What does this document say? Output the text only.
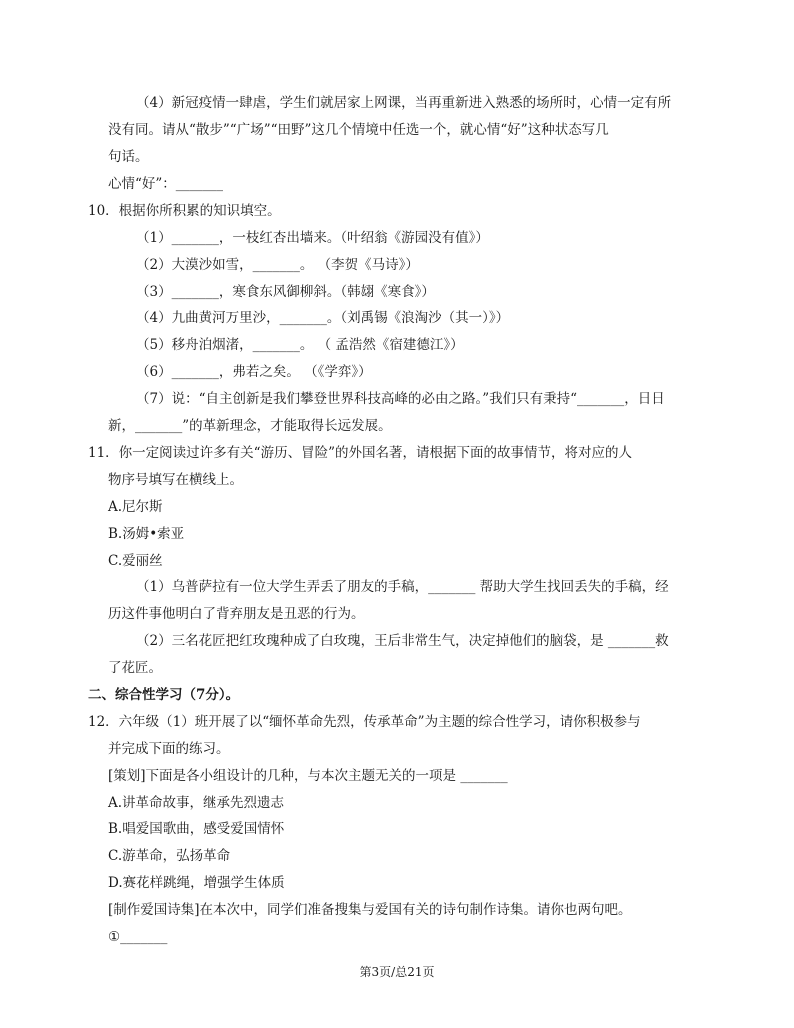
（4）新冠疫情一肆虐，学生们就居家上网课，当再重新进入熟悉的场所时，心情一定有所
没有同。请从“散步”“广场”“田野”这几个情境中任选一个，就心情“好”这种状态写几
句话。
心情“好”：_______
10．根据你所积累的知识填空。
（1）_______，一枝红杏出墙来。（叶绍翁《游园没有值》）
（2）大漠沙如雪，_______。 （李贺《马诗》）
（3）_______，寒食东风御柳斜。（韩翃《寒食》）
（4）九曲黄河万里沙，_______。（刘禹锡《浪淘沙（其一）》）
（5）移舟泊烟渚，_______。 （ 孟浩然《宿建德江》）
（6）_______，弗若之矣。 （《学弈》）
（7）说：“自主创新是我们攀登世界科技高峰的必由之路。”我们只有秉持“_______，日日
新，_______”的革新理念，才能取得长远发展。
11．你一定阅读过许多有关“游历、冒险”的外国名著，请根据下面的故事情节，将对应的人
物序号填写在横线上。
A.尼尔斯
B.汤姆•索亚
C.爱丽丝
（1）乌普萨拉有一位大学生弄丢了朋友的手稿，_______ 帮助大学生找回丢失的手稿，经
历这件事他明白了背弃朋友是丑恶的行为。
（2）三名花匠把红玫瑰种成了白玫瑰，王后非常生气，决定掉他们的脑袋，是 _______救
了花匠。
二、综合性学习（7分）。
12．六年级（1）班开展了以“缅怀革命先烈，传承革命”为主题的综合性学习，请你积极参与
并完成下面的练习。
[策划]下面是各小组设计的几种，与本次主题无关的一项是 _______
A.讲革命故事，继承先烈遗志
B.唱爱国歌曲，感受爱国情怀
C.游革命，弘扬革命
D.赛花样跳绳，增强学生体质
[制作爱国诗集]在本次中，同学们准备搜集与爱国有关的诗句制作诗集。请你也两句吧。
①_______
第3页/总21页
